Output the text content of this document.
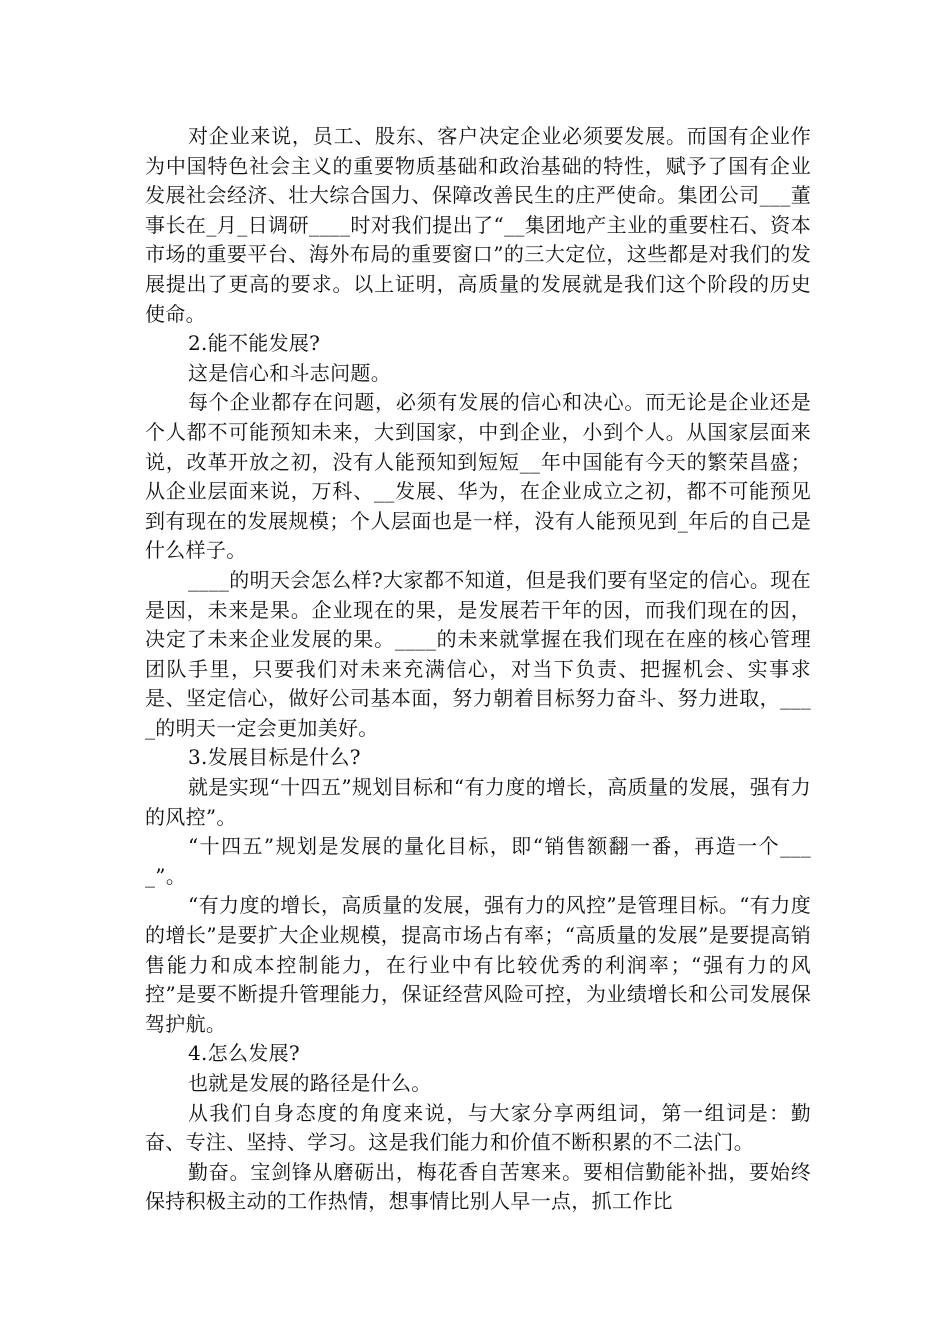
对企业来说，员工、股东、客户决定企业必须要发展。而国有企业作为中国特色社会主义的重要物质基础和政治基础的特性，赋予了国有企业发展社会经济、壮大综合国力、保障改善民生的庄严使命。集团公司___董事长在_月_日调研____时对我们提出了“__集团地产主业的重要柱石、资本市场的重要平台、海外布局的重要窗口”的三大定位，这些都是对我们的发展提出了更高的要求。以上证明，高质量的发展就是我们这个阶段的历史使命。

2.能不能发展?

这是信心和斗志问题。

每个企业都存在问题，必须有发展的信心和决心。而无论是企业还是个人都不可能预知未来，大到国家，中到企业，小到个人。从国家层面来说，改革开放之初，没有人能预知到短短__年中国能有今天的繁荣昌盛；从企业层面来说，万科、__发展、华为，在企业成立之初，都不可能预见到有现在的发展规模；个人层面也是一样，没有人能预见到_年后的自己是什么样子。

____的明天会怎么样?大家都不知道，但是我们要有坚定的信心。现在是因，未来是果。企业现在的果，是发展若干年的因，而我们现在的因，决定了未来企业发展的果。____的未来就掌握在我们现在在座的核心管理团队手里，只要我们对未来充满信心，对当下负责、把握机会、实事求是、坚定信心，做好公司基本面，努力朝着目标努力奋斗、努力进取，____的明天一定会更加美好。

3.发展目标是什么?

就是实现“十四五”规划目标和“有力度的增长，高质量的发展，强有力的风控”。

“十四五”规划是发展的量化目标，即“销售额翻一番，再造一个____”。

“有力度的增长，高质量的发展，强有力的风控”是管理目标。“有力度的增长”是要扩大企业规模，提高市场占有率；“高质量的发展”是要提高销售能力和成本控制能力，在行业中有比较优秀的利润率；“强有力的风控”是要不断提升管理能力，保证经营风险可控，为业绩增长和公司发展保驾护航。

4.怎么发展?

也就是发展的路径是什么。

从我们自身态度的角度来说，与大家分享两组词，第一组词是：勤奋、专注、坚持、学习。这是我们能力和价值不断积累的不二法门。

勤奋。宝剑锋从磨砺出，梅花香自苦寒来。要相信勤能补拙，要始终保持积极主动的工作热情，想事情比别人早一点，抓工作比
